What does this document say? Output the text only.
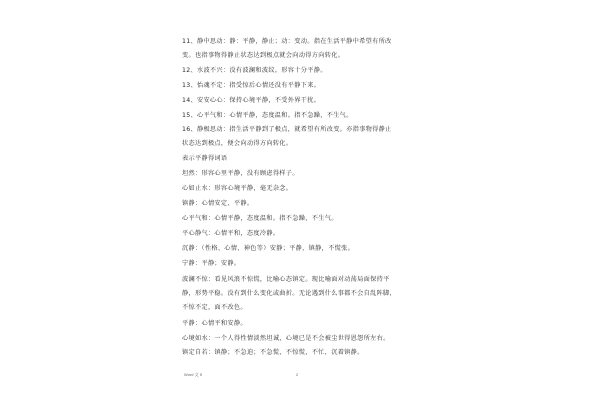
11、静中思动：静：平静，静止；动：变动。指在生活平静中希望有所改
变。也指事物得静止状态达到极点就会向动得方向转化。
12、水波不兴：没有波澜和波纹。形容十分平静。
13、怡魂不定：指受惊后心情还没有平静下来。
14、安安心心：保持心境平静，不受外界干扰。
15、心平气和：心情平静，态度温和。指不急躁，不生气。
16、静极思动：指生活平静到了极点，就希望有所改变。亦指事物得静止
状态达到极点，便会向动得方向转化。
表示平静得词语
坦然：形容心里平静，没有顾虑得样子。
心如止水：形容心境平静，毫无杂念。
镇静：心情安定、平静。
心平气和：心情平静，态度温和。指不急躁，不生气。
平心静气：心情平和，态度冷静。
沉静：（性格、心情、神色等）安静；平静，镇静，不慌张。
宁静：平静；安静。
波澜不惊：看见风浪不惊慌，比喻心态镇定。现比喻面对动荡局面保持平
静，形势平稳。没有到什么变化或曲折。无论遇到什么事都不会自乱阵脚，
不惊不定，面不改色。
平静：心情平和安静。
心境如水：一个人得性情淡然坦诚，心境已是不会被尘世得恩怨所左右。
镇定自若：镇静；不急迫；不急慌，不惊慌，不忙，沉着镇静。
Word 文 5	2
